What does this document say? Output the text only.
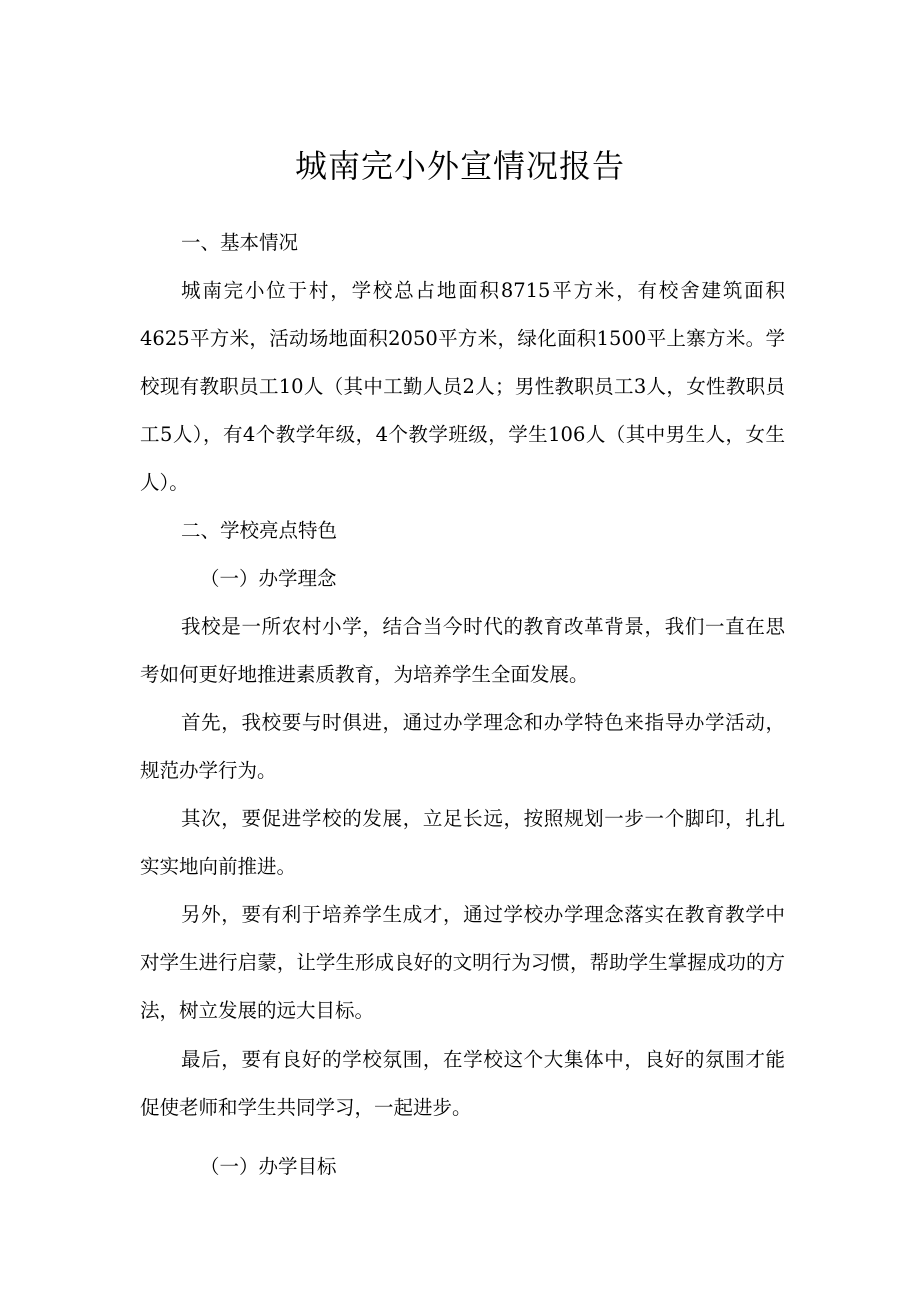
城南完小外宣情况报告

一、基本情况

城南完小位于村，学校总占地面积8715平方米，有校舍建筑面积4625平方米，活动场地面积2050平方米，绿化面积1500平上寨方米。学校现有教职员工10人（其中工勤人员2人；男性教职员工3人，女性教职员工5人），有4个教学年级，4个教学班级，学生106人（其中男生人，女生人）。

二、学校亮点特色

（一）办学理念

我校是一所农村小学，结合当今时代的教育改革背景，我们一直在思考如何更好地推进素质教育，为培养学生全面发展。

首先，我校要与时俱进，通过办学理念和办学特色来指导办学活动，规范办学行为。

其次，要促进学校的发展，立足长远，按照规划一步一个脚印，扎扎实实地向前推进。

另外，要有利于培养学生成才，通过学校办学理念落实在教育教学中对学生进行启蒙，让学生形成良好的文明行为习惯，帮助学生掌握成功的方法，树立发展的远大目标。

最后，要有良好的学校氛围，在学校这个大集体中，良好的氛围才能促使老师和学生共同学习，一起进步。

（一）办学目标
